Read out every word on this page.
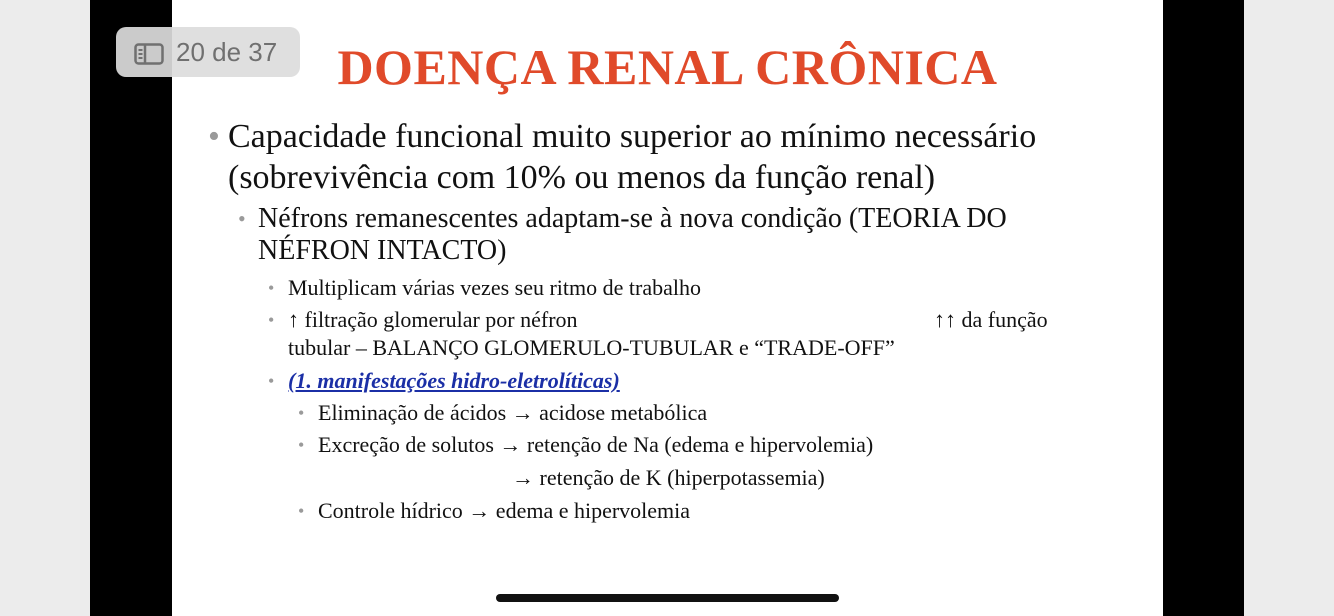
DOENÇA RENAL CRÔNICA
• Capacidade funcional muito superior ao mínimo necessário
(sobrevivência com 10% ou menos da função renal)
• Néfrons remanescentes adaptam-se à nova condição (TEORIA DO
NÉFRON INTACTO)
• Multiplicam várias vezes seu ritmo de trabalho
• ↑ filtração glomerular por néfron	↑↑ da função
tubular – BALANÇO GLOMERULO-TUBULAR e “TRADE-OFF”
• (1. manifestações hidro-eletrolíticas)
• Eliminação de ácidos → acidose metabólica
• Excreção de solutos → retenção de Na (edema e hipervolemia)
→ retenção de K (hiperpotassemia)
• Controle hídrico → edema e hipervolemia
20 de 37
